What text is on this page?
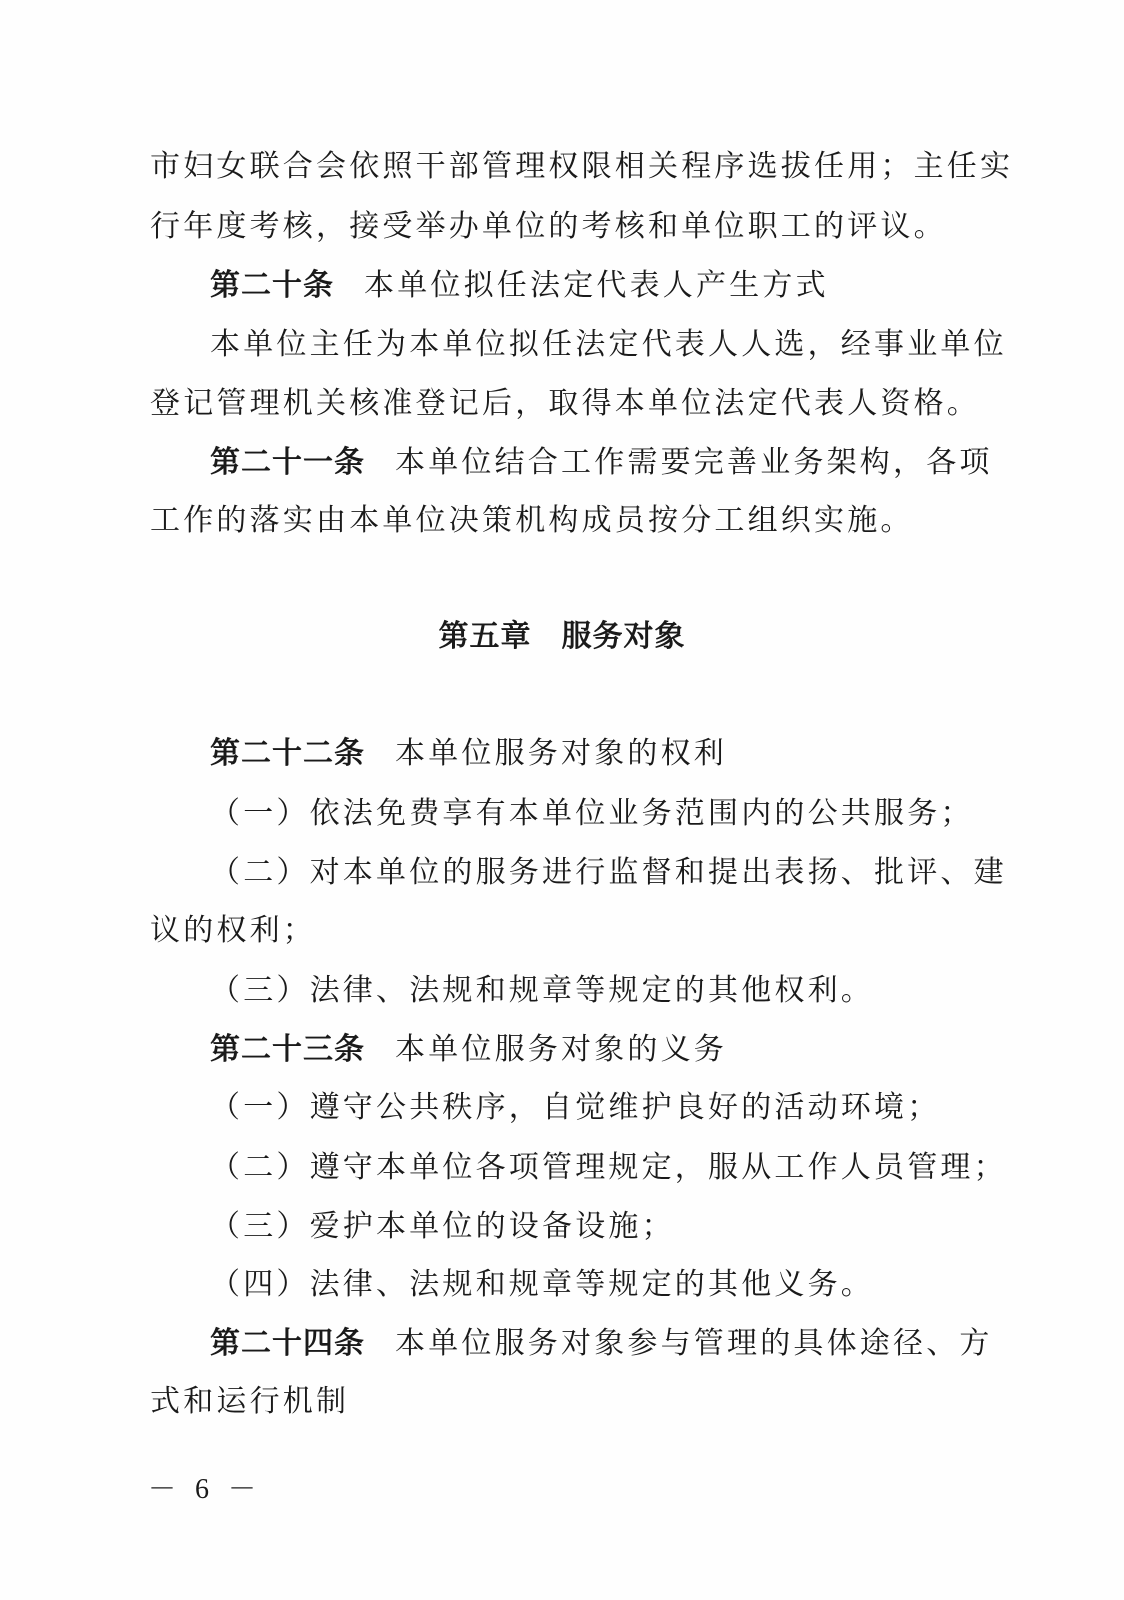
市妇女联合会依照干部管理权限相关程序选拔任用；主任实
行年度考核，接受举办单位的考核和单位职工的评议。
第二十条 本单位拟任法定代表人产生方式
本单位主任为本单位拟任法定代表人人选，经事业单位
登记管理机关核准登记后，取得本单位法定代表人资格。
第二十一条 本单位结合工作需要完善业务架构，各项
工作的落实由本单位决策机构成员按分工组织实施。
第五章 服务对象
第二十二条 本单位服务对象的权利
（一）依法免费享有本单位业务范围内的公共服务；
（二）对本单位的服务进行监督和提出表扬、批评、建
议的权利；
（三）法律、法规和规章等规定的其他权利。
第二十三条 本单位服务对象的义务
（一）遵守公共秩序，自觉维护良好的活动环境；
（二）遵守本单位各项管理规定，服从工作人员管理；
（三）爱护本单位的设备设施；
（四）法律、法规和规章等规定的其他义务。
第二十四条 本单位服务对象参与管理的具体途径、方
式和运行机制
－ 6 －
